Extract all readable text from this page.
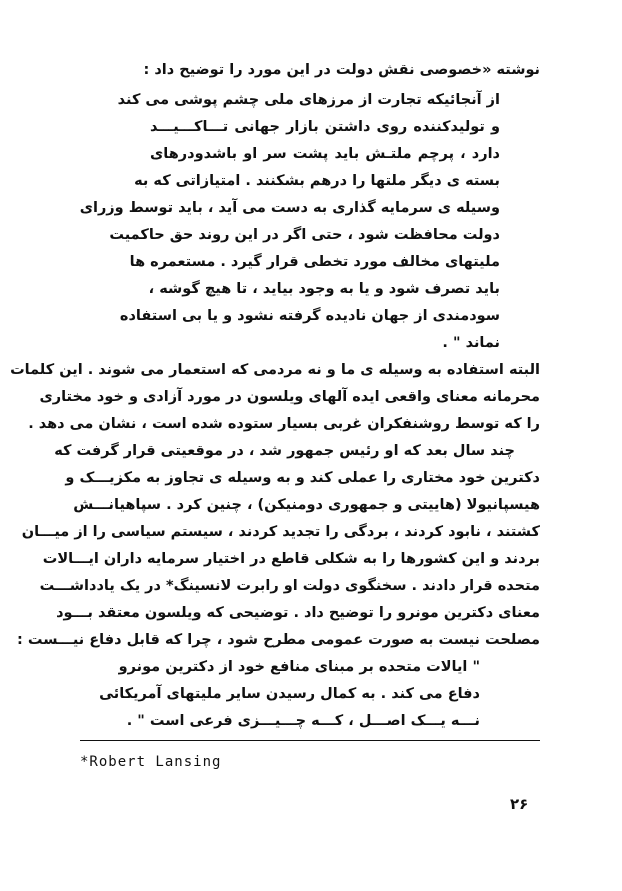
نوشته «خصوصی نقش دولت در این مورد را توضیح داد :
از آنجائیکه تجارت از مرزهای ملی چشم پوشی می کند
و تولیدکننده روی داشتن بازار جهانی تـــاکـــیـــد
دارد ، پرچم ملتـش باید پشت سر او باشدودرهای
بسته ی دیگر ملتها را درهم بشکنند . امتیازاتی که به
وسیله ی سرمایه گذاری به دست می آید ، باید توسط وزرای
دولت محافظت شود ، حتی اگر در این روند حق حاکمیت
ملیتهای مخالف مورد تخطی قرار گیرد . مستعمره ها
باید تصرف شود و یا به وجود بیاید ، تا هیچ گوشه ،
سودمندی از جهان نادیده گرفته نشود و یا بی استفاده
نماند " .
البته استفاده به وسیله ی ما و نه مردمی که استعمار می شوند . این کلمات
محرمانه معنای واقعی ایده آلهای ویلسون در مورد آزادی و خود مختاری
را که توسط روشنفکران غربی بسیار ستوده شده است ، نشان می دهد .
چند سال بعد که او رئیس جمهور شد ، در موقعیتی قرار گرفت که
دکترین خود مختاری را عملی کند و به وسیله ی تجاوز به مکزیـــک و
هیسپانیولا (هاییتی و جمهوری دومنیکن) ، چنین کرد . سپاهیانـــش
کشتند ، نابود کردند ، بردگی را تجدید کردند ، سیستم سیاسی را از میـــان
بردند و این کشورها را به شکلی قاطع در اختیار سرمایه داران ایـــالات
متحده قرار دادند . سخنگوی دولت او رابرت لانسینگ* در یک یادداشـــت
معنای دکترین مونرو را توضیح داد . توضیحی که ویلسون معتقد بـــود
مصلحت نیست به صورت عمومی مطرح شود ، چرا که قابل دفاع نیـــست :
" ایالات متحده بر مبنای منافع خود از دکترین مونرو
دفاع می کند . به کمال رسیدن سایر ملیتهای آمریکائی
نـــه یـــک اصـــل ، کـــه چـــیـــزی فرعی است " .
*Robert Lansing
۲۶
